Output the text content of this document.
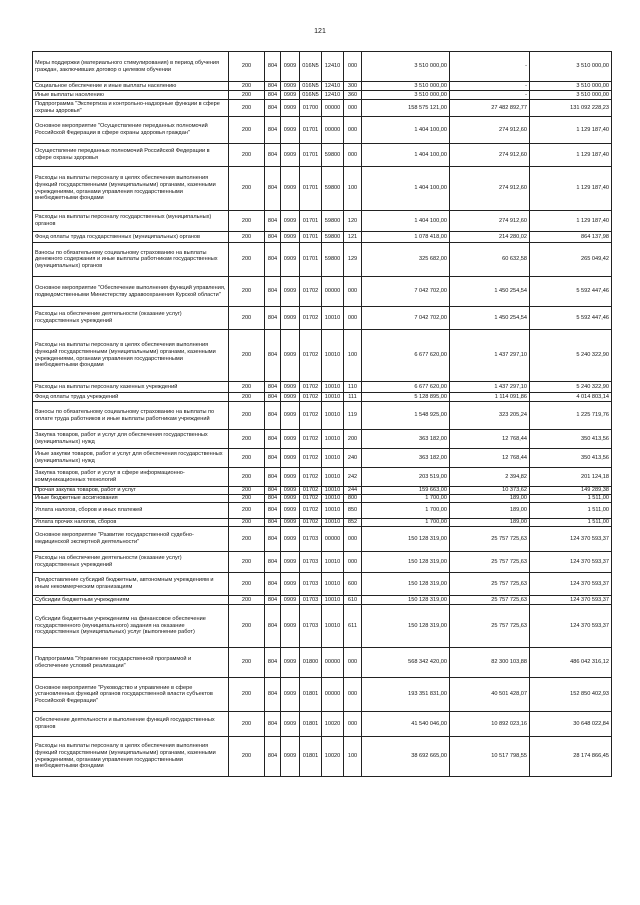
121
Меры поддержки (материального стимулирования) в период обучения граждан, заключивших договор о целевом обучении	200	804	0909	016N5	12410	000	3 510 000,00	-	3 510 000,00
Социальное обеспечение и иные выплаты населению	200	804	0909	016N5	12410	300	3 510 000,00	-	3 510 000,00
Иные выплаты населению	200	804	0909	016N5	12410	360	3 510 000,00	-	3 510 000,00
Подпрограмма "Экспертиза и контрольно-надзорные функции в сфере охраны здоровья"	200	804	0909	01700	00000	000	158 575 121,00	27 482 892,77	131 092 228,23
Основное мероприятие "Осуществление переданных полномочий Российской Федерации в сфере охраны здоровья граждан"	200	804	0909	01701	00000	000	1 404 100,00	274 912,60	1 129 187,40
Осуществление переданных полномочий Российской Федерации в сфере охраны здоровья	200	804	0909	01701	59800	000	1 404 100,00	274 912,60	1 129 187,40
Расходы на выплаты персоналу в целях обеспечения выполнения функций государственными (муниципальными) органами, казенными учреждениями, органами управления государственными внебюджетными фондами	200	804	0909	01701	59800	100	1 404 100,00	274 912,60	1 129 187,40
Расходы на выплаты персоналу государственных (муниципальных) органов	200	804	0909	01701	59800	120	1 404 100,00	274 912,60	1 129 187,40
Фонд оплаты труда государственных (муниципальных) органов	200	804	0909	01701	59800	121	1 078 418,00	214 280,02	864 137,98
Взносы по обязательному социальному страхованию на выплаты денежного содержания и иные выплаты работникам государственных (муниципальных) органов	200	804	0909	01701	59800	129	325 682,00	60 632,58	265 049,42
Основное мероприятие "Обеспечение выполнения функций управления, подведомственными Министерству здравоохранения Курской области"	200	804	0909	01702	00000	000	7 042 702,00	1 450 254,54	5 592 447,46
Расходы на обеспечение деятельности (оказание услуг) государственных учреждений	200	804	0909	01702	10010	000	7 042 702,00	1 450 254,54	5 592 447,46
Расходы на выплаты персоналу в целях обеспечения выполнения функций государственными (муниципальными) органами, казенными учреждениями, органами управления государственными внебюджетными фондами	200	804	0909	01702	10010	100	6 677 620,00	1 437 297,10	5 240 322,90
Расходы на выплаты персоналу казенных учреждений	200	804	0909	01702	10010	110	6 677 620,00	1 437 297,10	5 240 322,90
Фонд оплаты труда учреждений	200	804	0909	01702	10010	111	5 128 895,00	1 114 091,86	4 014 803,14
Взносы по обязательному социальному страхованию на выплаты по оплате труда работников и иные выплаты работникам учреждений	200	804	0909	01702	10010	119	1 548 925,00	323 205,24	1 225 719,76
Закупка товаров, работ и услуг для обеспечения государственных (муниципальных) нужд	200	804	0909	01702	10010	200	363 182,00	12 768,44	350 413,56
Иные закупки товаров, работ и услуг для обеспечения государственных (муниципальных) нужд	200	804	0909	01702	10010	240	363 182,00	12 768,44	350 413,56
Закупка товаров, работ и услуг в сфере информационно-коммуникационных технологий	200	804	0909	01702	10010	242	203 519,00	2 394,82	201 124,18
Прочая закупка товаров, работ и услуг	200	804	0909	01702	10010	244	159 663,00	10 373,62	149 289,38
Иные бюджетные ассигнования	200	804	0909	01702	10010	800	1 700,00	189,00	1 511,00
Уплата налогов, сборов и иных платежей	200	804	0909	01702	10010	850	1 700,00	189,00	1 511,00
Уплата прочих налогов, сборов	200	804	0909	01702	10010	852	1 700,00	189,00	1 511,00
Основное мероприятие "Развитие государственной судебно-медицинской экспертной деятельности"	200	804	0909	01703	00000	000	150 128 319,00	25 757 725,63	124 370 593,37
Расходы на обеспечение деятельности (оказание услуг) государственных учреждений	200	804	0909	01703	10010	000	150 128 319,00	25 757 725,63	124 370 593,37
Предоставление субсидий бюджетным, автономным учреждениям и иным некоммерческим организациям	200	804	0909	01703	10010	600	150 128 319,00	25 757 725,63	124 370 593,37
Субсидии бюджетным учреждениям	200	804	0909	01703	10010	610	150 128 319,00	25 757 725,63	124 370 593,37
Субсидии бюджетным учреждениям на финансовое обеспечение государственного (муниципального) задания на оказание государственных (муниципальных) услуг (выполнение работ)	200	804	0909	01703	10010	611	150 128 319,00	25 757 725,63	124 370 593,37
Подпрограмма "Управление государственной программой и обеспечение условий реализации"	200	804	0909	01800	00000	000	568 342 420,00	82 300 103,88	486 042 316,12
Основное мероприятие "Руководство и управление в сфере установленных функций органов государственной власти субъектов Российской Федерации"	200	804	0909	01801	00000	000	193 351 831,00	40 501 428,07	152 850 402,93
Обеспечение деятельности и выполнение функций государственных органов	200	804	0909	01801	10020	000	41 540 046,00	10 892 023,16	30 648 022,84
Расходы на выплаты персоналу в целях обеспечения выполнения функций государственными (муниципальными) органами, казенными учреждениями, органами управления государственными внебюджетными фондами	200	804	0909	01801	10020	100	38 692 665,00	10 517 798,55	28 174 866,45
